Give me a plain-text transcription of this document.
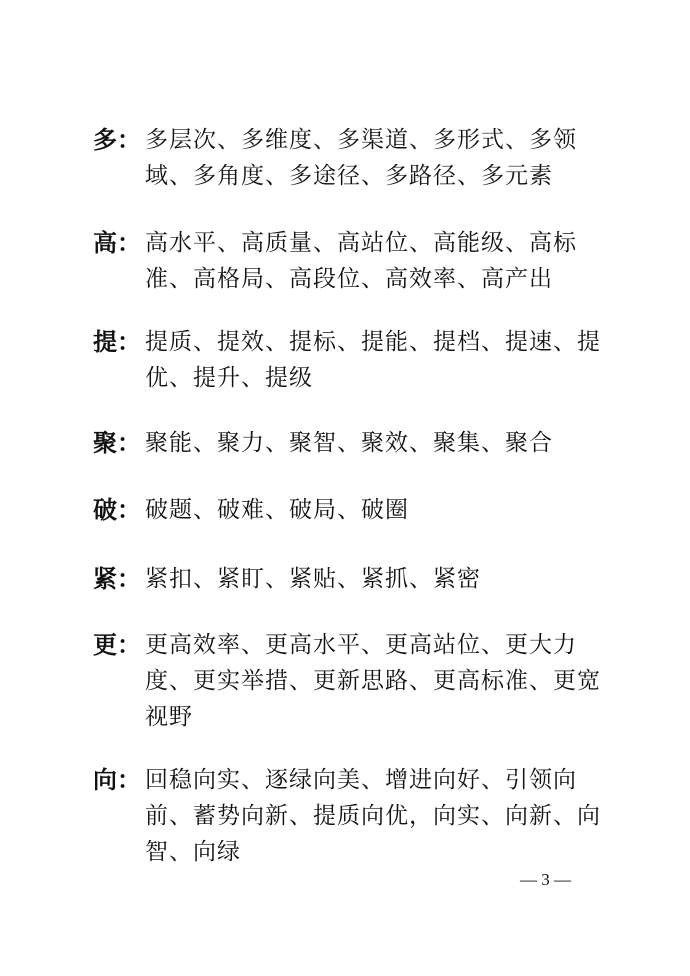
多： 多层次、多维度、多渠道、多形式、多领域、多角度、多途径、多路径、多元素
高： 高水平、高质量、高站位、高能级、高标准、高格局、高段位、高效率、高产出
提： 提质、提效、提标、提能、提档、提速、提优、提升、提级
聚： 聚能、聚力、聚智、聚效、聚集、聚合
破： 破题、破难、破局、破圈
紧： 紧扣、紧盯、紧贴、紧抓、紧密
更： 更高效率、更高水平、更高站位、更大力度、更实举措、更新思路、更高标准、更宽视野
向： 回稳向实、逐绿向美、增进向好、引领向前、蓄势向新、提质向优，向实、向新、向智、向绿
— 3 —
